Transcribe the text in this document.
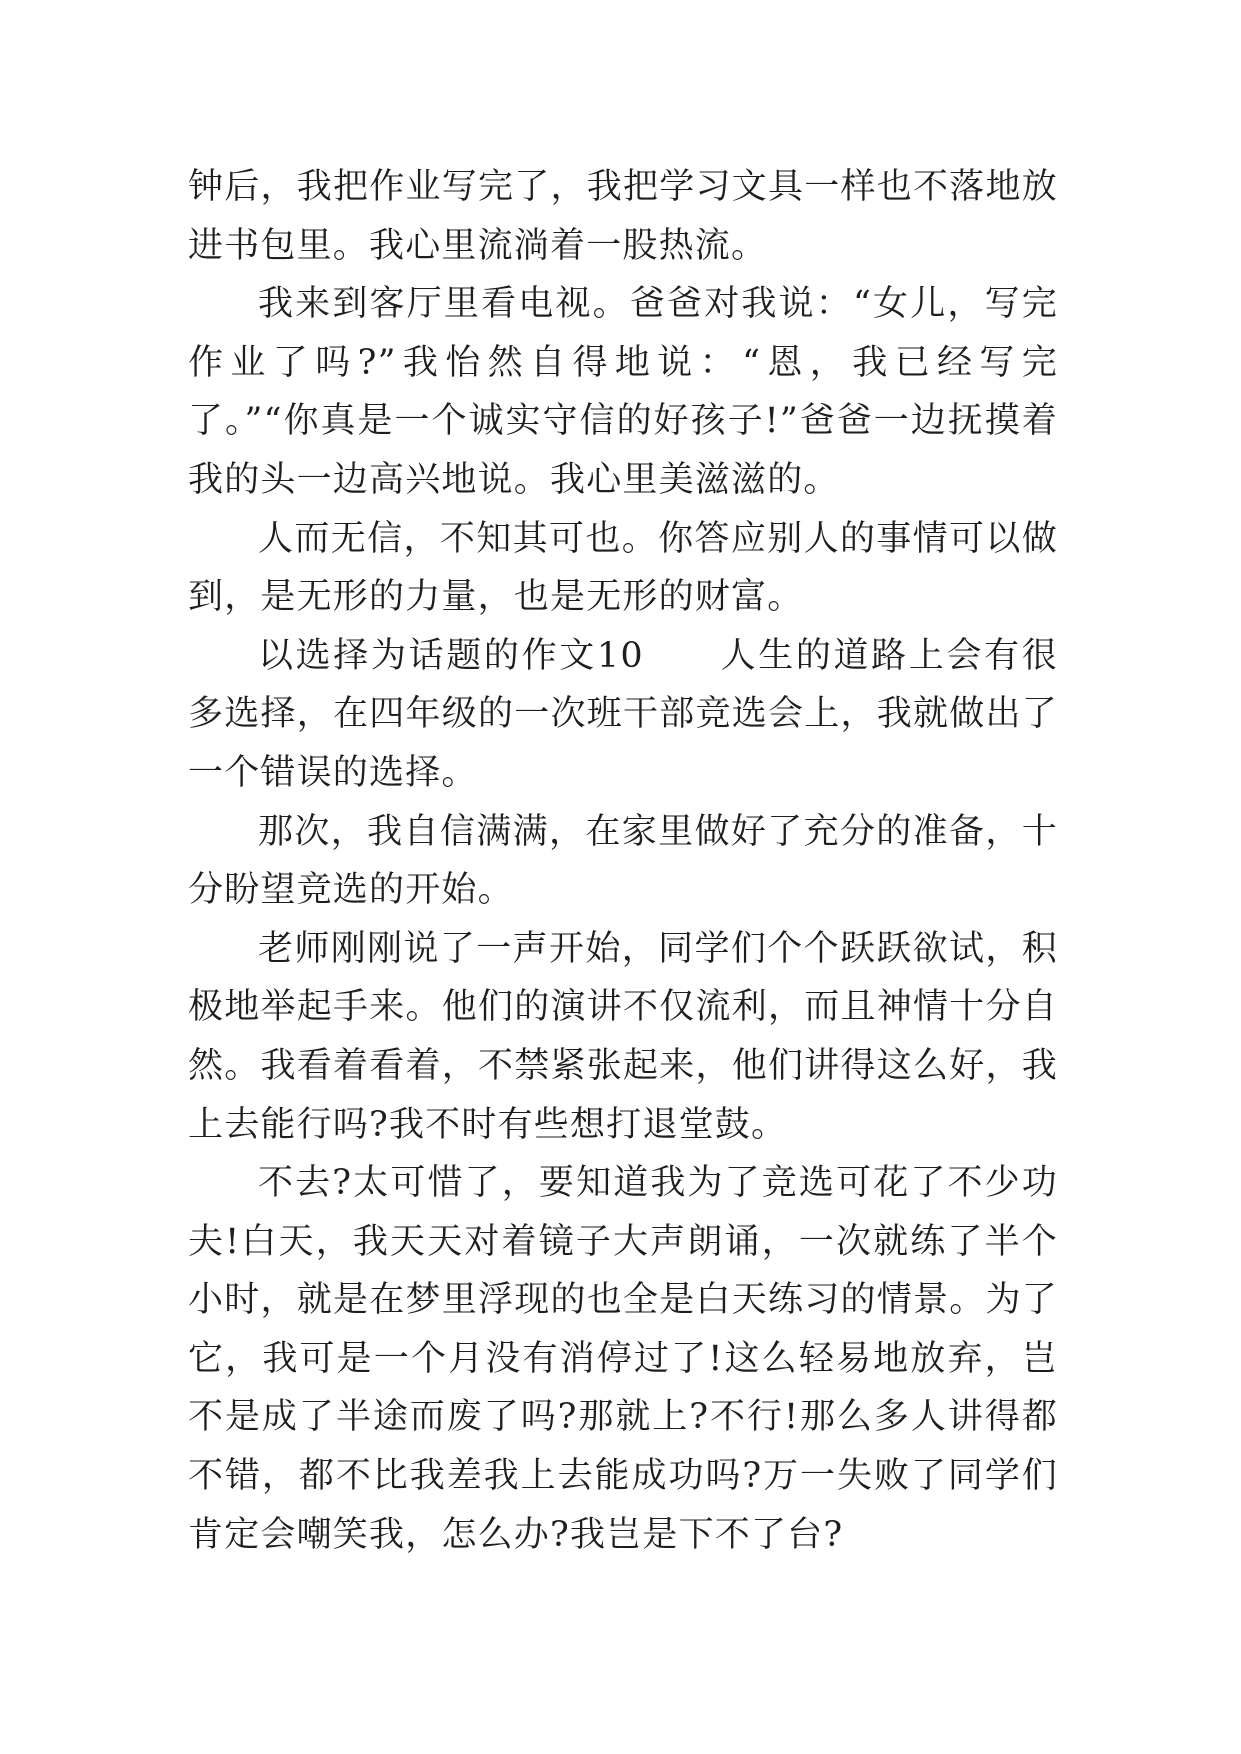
钟后，我把作业写完了，我把学习文具一样也不落地放进书包里。我心里流淌着一股热流。

我来到客厅里看电视。爸爸对我说：“女儿，写完作业了吗?”我怡然自得地说：“恩，我已经写完了。”“你真是一个诚实守信的好孩子!”爸爸一边抚摸着我的头一边高兴地说。我心里美滋滋的。

人而无信，不知其可也。你答应别人的事情可以做到，是无形的力量，也是无形的财富。

以选择为话题的作文10　　人生的道路上会有很多选择，在四年级的一次班干部竞选会上，我就做出了一个错误的选择。

那次，我自信满满，在家里做好了充分的准备，十分盼望竞选的开始。

老师刚刚说了一声开始，同学们个个跃跃欲试，积极地举起手来。他们的演讲不仅流利，而且神情十分自然。我看着看着，不禁紧张起来，他们讲得这么好，我上去能行吗?我不时有些想打退堂鼓。

不去?太可惜了，要知道我为了竞选可花了不少功夫!白天，我天天对着镜子大声朗诵，一次就练了半个小时，就是在梦里浮现的也全是白天练习的情景。为了它，我可是一个月没有消停过了!这么轻易地放弃，岂不是成了半途而废了吗?那就上?不行!那么多人讲得都不错，都不比我差我上去能成功吗?万一失败了同学们肯定会嘲笑我，怎么办?我岂是下不了台?
